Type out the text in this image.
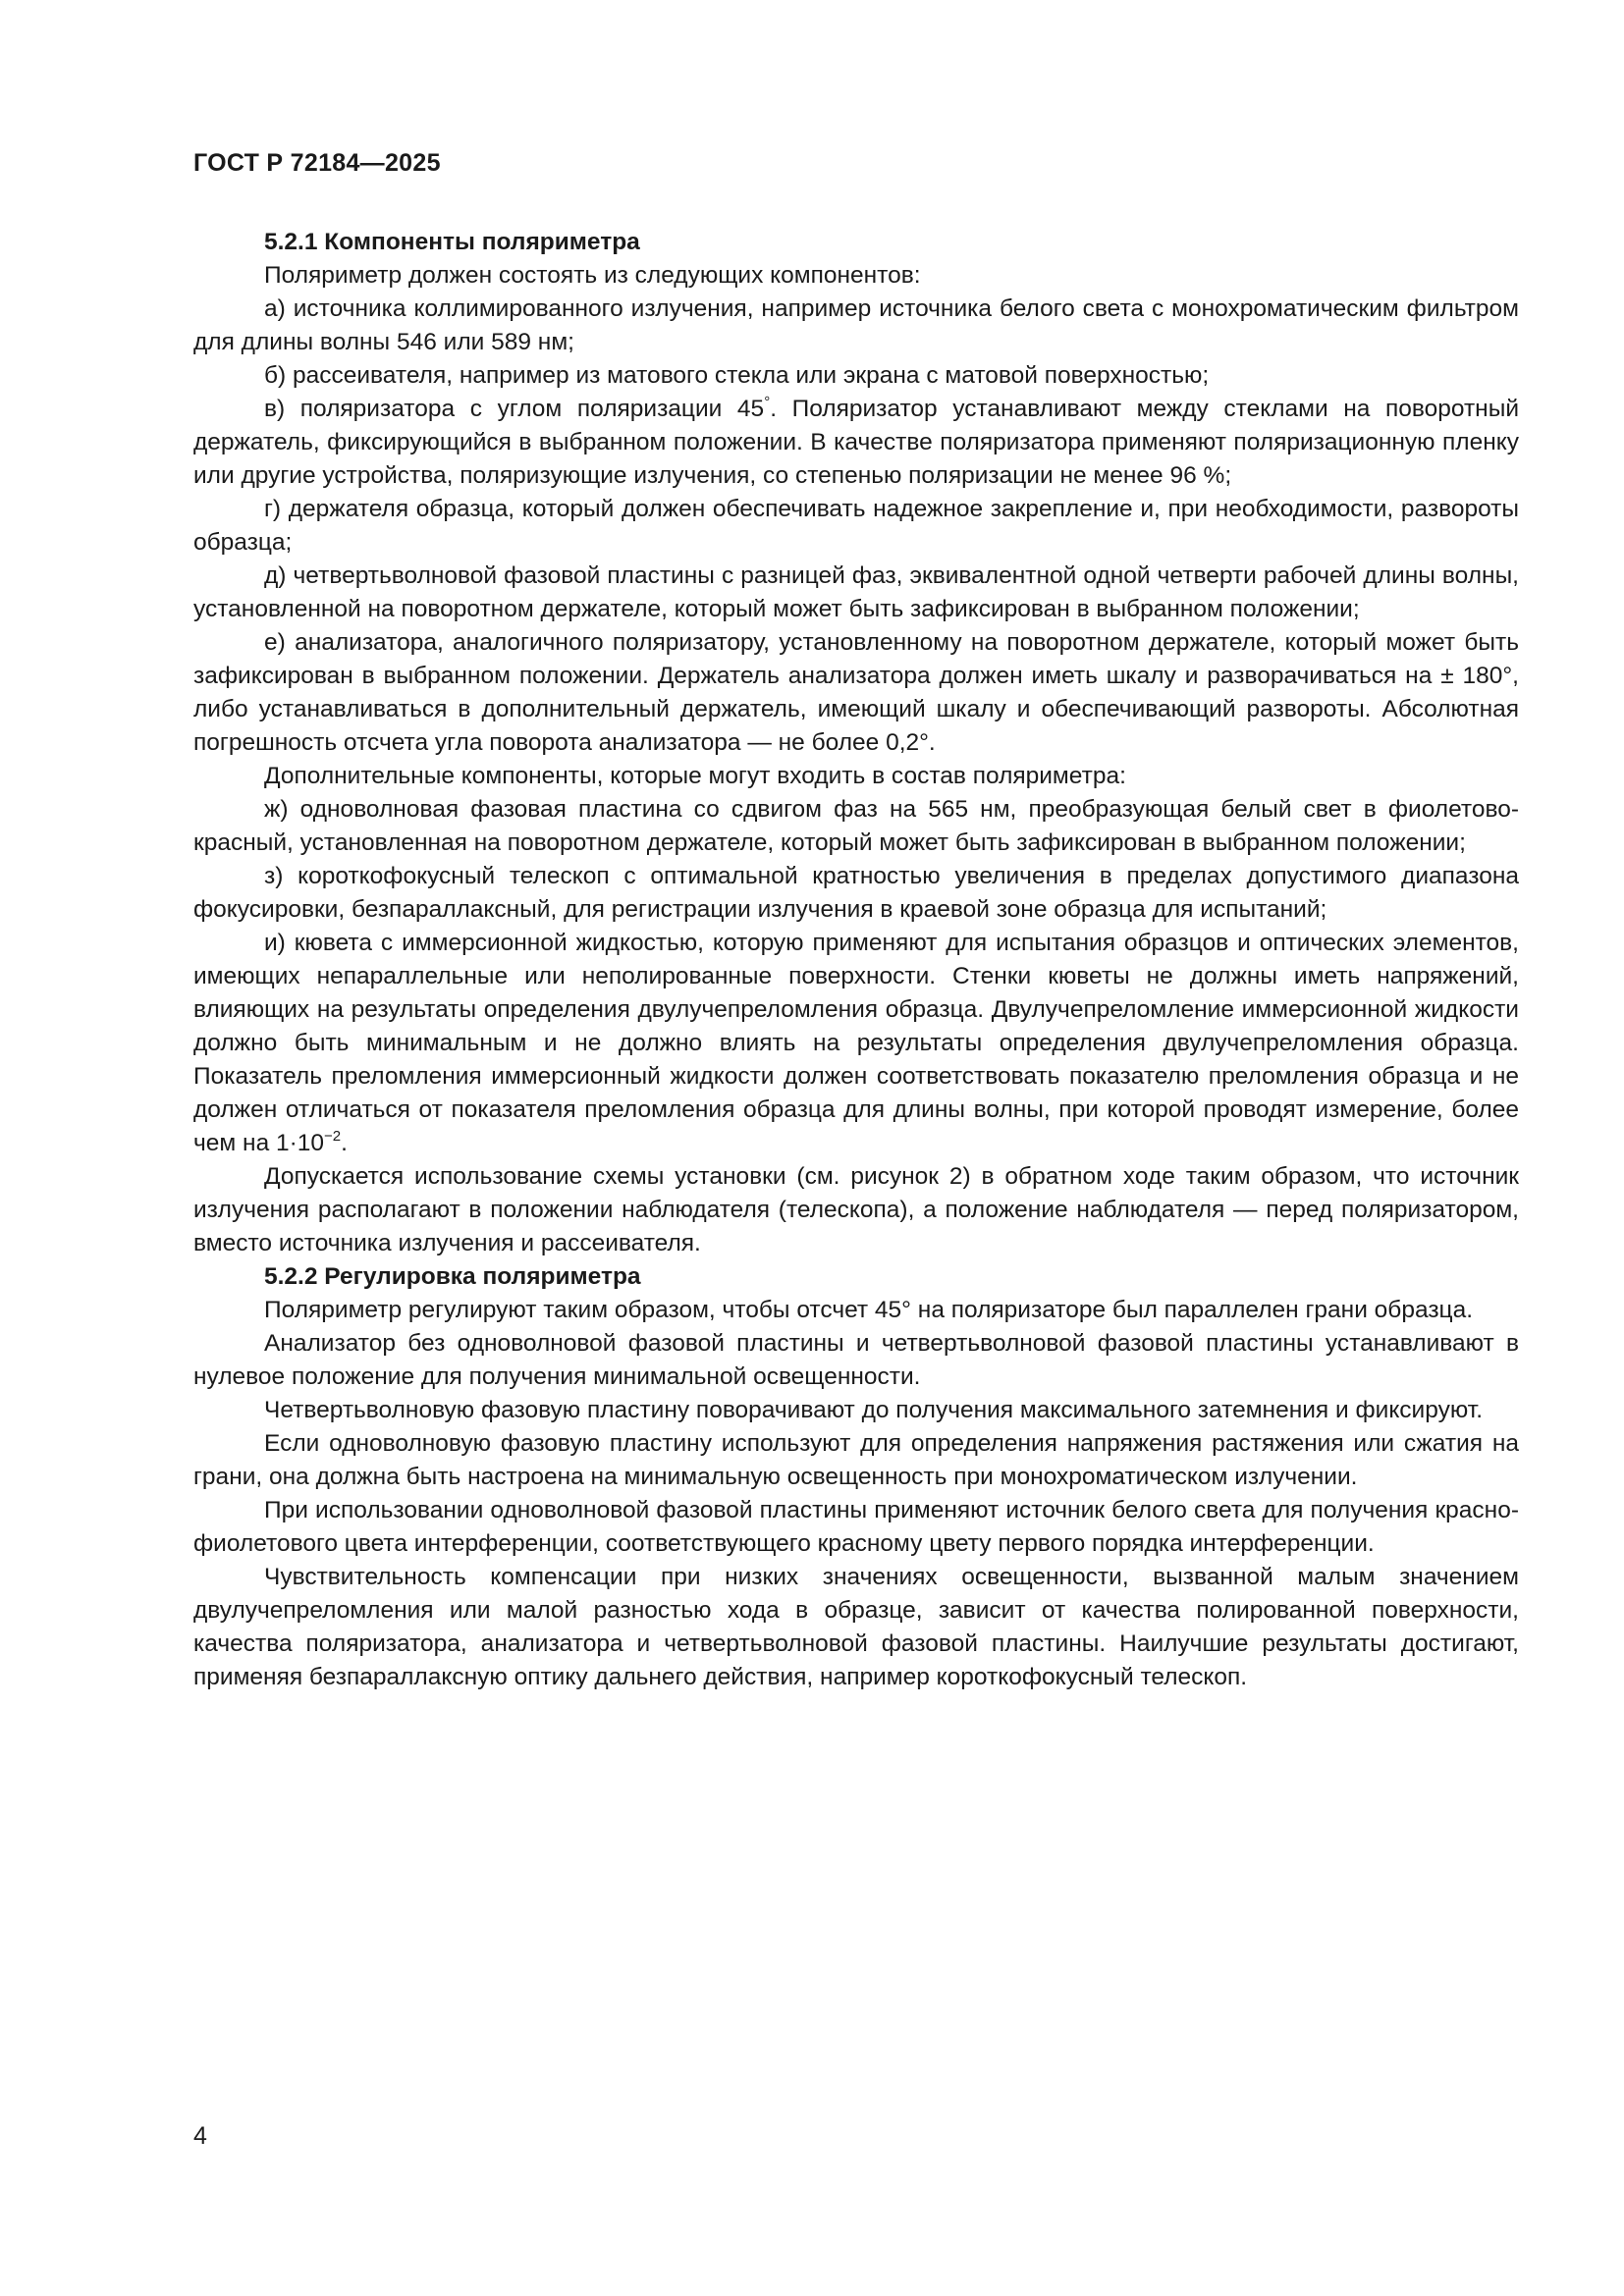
ГОСТ Р 72184—2025

5.2.1 Компоненты поляриметра

Поляриметр должен состоять из следующих компонентов:

а) источника коллимированного излучения, например источника белого света с монохроматическим фильтром для длины волны 546 или 589 нм;

б) рассеивателя, например из матового стекла или экрана с матовой поверхностью;

в) поляризатора с углом поляризации 45°. Поляризатор устанавливают между стеклами на поворотный держатель, фиксирующийся в выбранном положении. В качестве поляризатора применяют поляризационную пленку или другие устройства, поляризующие излучения, со степенью поляризации не менее 96 %;

г) держателя образца, который должен обеспечивать надежное закрепление и, при необходимости, развороты образца;

д) четвертьволновой фазовой пластины с разницей фаз, эквивалентной одной четверти рабочей длины волны, установленной на поворотном держателе, который может быть зафиксирован в выбранном положении;

е) анализатора, аналогичного поляризатору, установленному на поворотном держателе, который может быть зафиксирован в выбранном положении. Держатель анализатора должен иметь шкалу и разворачиваться на ± 180°, либо устанавливаться в дополнительный держатель, имеющий шкалу и обеспечивающий развороты. Абсолютная погрешность отсчета угла поворота анализатора — не более 0,2°.

Дополнительные компоненты, которые могут входить в состав поляриметра:

ж) одноволновая фазовая пластина со сдвигом фаз на 565 нм, преобразующая белый свет в фиолетово-красный, установленная на поворотном держателе, который может быть зафиксирован в выбранном положении;

з) короткофокусный телескоп с оптимальной кратностью увеличения в пределах допустимого диапазона фокусировки, безпараллаксный, для регистрации излучения в краевой зоне образца для испытаний;

и) кювета с иммерсионной жидкостью, которую применяют для испытания образцов и оптических элементов, имеющих непараллельные или неполированные поверхности. Стенки кюветы не должны иметь напряжений, влияющих на результаты определения двулучепреломления образца. Двулучепреломление иммерсионной жидкости должно быть минимальным и не должно влиять на результаты определения двулучепреломления образца. Показатель преломления иммерсионный жидкости должен соответствовать показателю преломления образца и не должен отличаться от показателя преломления образца для длины волны, при которой проводят измерение, более чем на $1\cdot 10^{-2}$.

Допускается использование схемы установки (см. рисунок 2) в обратном ходе таким образом, что источник излучения располагают в положении наблюдателя (телескопа), а положение наблюдателя — перед поляризатором, вместо источника излучения и рассеивателя.

5.2.2 Регулировка поляриметра

Поляриметр регулируют таким образом, чтобы отсчет 45° на поляризаторе был параллелен грани образца.

Анализатор без одноволновой фазовой пластины и четвертьволновой фазовой пластины устанавливают в нулевое положение для получения минимальной освещенности.

Четвертьволновую фазовую пластину поворачивают до получения максимального затемнения и фиксируют.

Если одноволновую фазовую пластину используют для определения напряжения растяжения или сжатия на грани, она должна быть настроена на минимальную освещенность при монохроматическом излучении.

При использовании одноволновой фазовой пластины применяют источник белого света для получения красно-фиолетового цвета интерференции, соответствующего красному цвету первого порядка интерференции.

Чувствительность компенсации при низких значениях освещенности, вызванной малым значением двулучепреломления или малой разностью хода в образце, зависит от качества полированной поверхности, качества поляризатора, анализатора и четвертьволновой фазовой пластины. Наилучшие результаты достигают, применяя безпараллаксную оптику дальнего действия, например короткофокусный телескоп.

4
